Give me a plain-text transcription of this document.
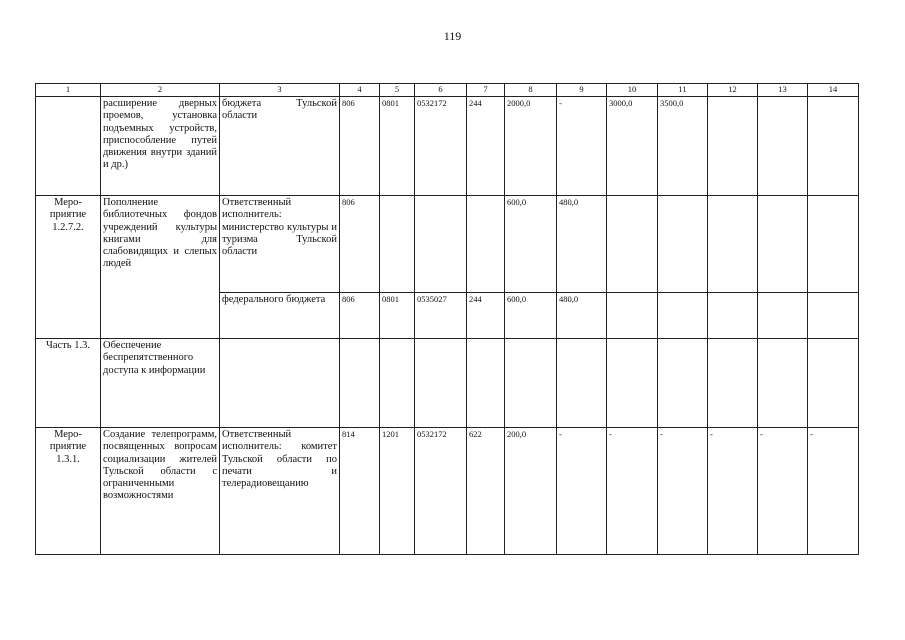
119
1	2	3	4	5	6	7	8	9	10	11	12	13	14
	расширение дверных проемов, установка подъемных устройств, приспособление путей движения внутри зданий и др.)	бюджета Тульской области	806	0801	0532172	244	2000,0	-	3000,0	3500,0			
Меро- приятие 1.2.7.2.	Пополнение библиотечных фондов учреждений культуры книгами для слабовидящих и слепых людей	Ответственный исполнитель: министерство культуры и туризма Тульской области	806				600,0	480,0					
		федерального бюджета	806	0801	0535027	244	600,0	480,0					
Часть 1.3.	Обеспечение беспрепятственного доступа к информации												
Меро- приятие 1.3.1.	Создание телепрограмм, посвященных вопросам социализации жителей Тульской области с ограниченными возможностями	Ответственный исполнитель: комитет Тульской области по печати и телерадиовещанию	814	1201	0532172	622	200,0	-	-	-	-	-	-
